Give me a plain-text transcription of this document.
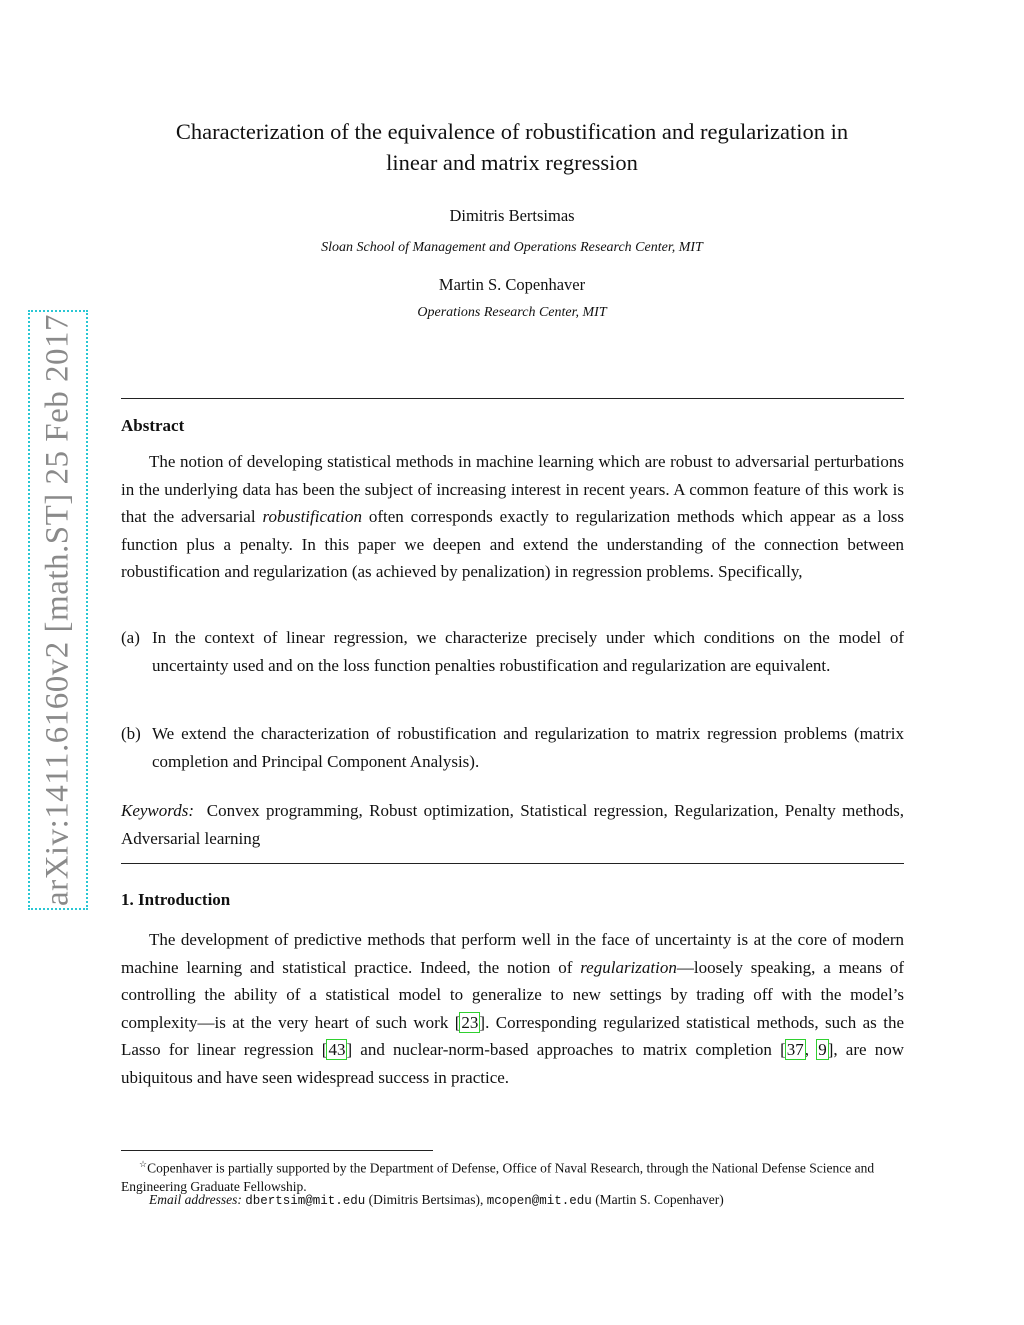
arXiv:1411.6160v2 [math.ST] 25 Feb 2017
Characterization of the equivalence of robustification and regularization in
linear and matrix regression
Dimitris Bertsimas
Sloan School of Management and Operations Research Center, MIT
Martin S. Copenhaver
Operations Research Center, MIT
Abstract
The notion of developing statistical methods in machine learning which are robust to adversarial perturbations in the underlying data has been the subject of increasing interest in recent years. A common feature of this work is that the adversarial robustification often corresponds exactly to regularization methods which appear as a loss function plus a penalty. In this paper we deepen and extend the understanding of the connection between robustification and regularization (as achieved by penalization) in regression problems. Specifically,
(a) In the context of linear regression, we characterize precisely under which conditions on the model of uncertainty used and on the loss function penalties robustification and regularization are equivalent.
(b) We extend the characterization of robustification and regularization to matrix regression problems (matrix completion and Principal Component Analysis).
Keywords: Convex programming, Robust optimization, Statistical regression, Regularization, Penalty methods, Adversarial learning
1. Introduction
The development of predictive methods that perform well in the face of uncertainty is at the core of modern machine learning and statistical practice. Indeed, the notion of regularization—loosely speaking, a means of controlling the ability of a statistical model to generalize to new settings by trading off with the model’s complexity—is at the very heart of such work [23]. Corresponding regularized statistical methods, such as the Lasso for linear regression [43] and nuclear-norm-based approaches to matrix completion [37, 9], are now ubiquitous and have seen widespread success in practice.
☆Copenhaver is partially supported by the Department of Defense, Office of Naval Research, through the National Defense Science and Engineering Graduate Fellowship.
Email addresses: dbertsim@mit.edu (Dimitris Bertsimas), mcopen@mit.edu (Martin S. Copenhaver)
